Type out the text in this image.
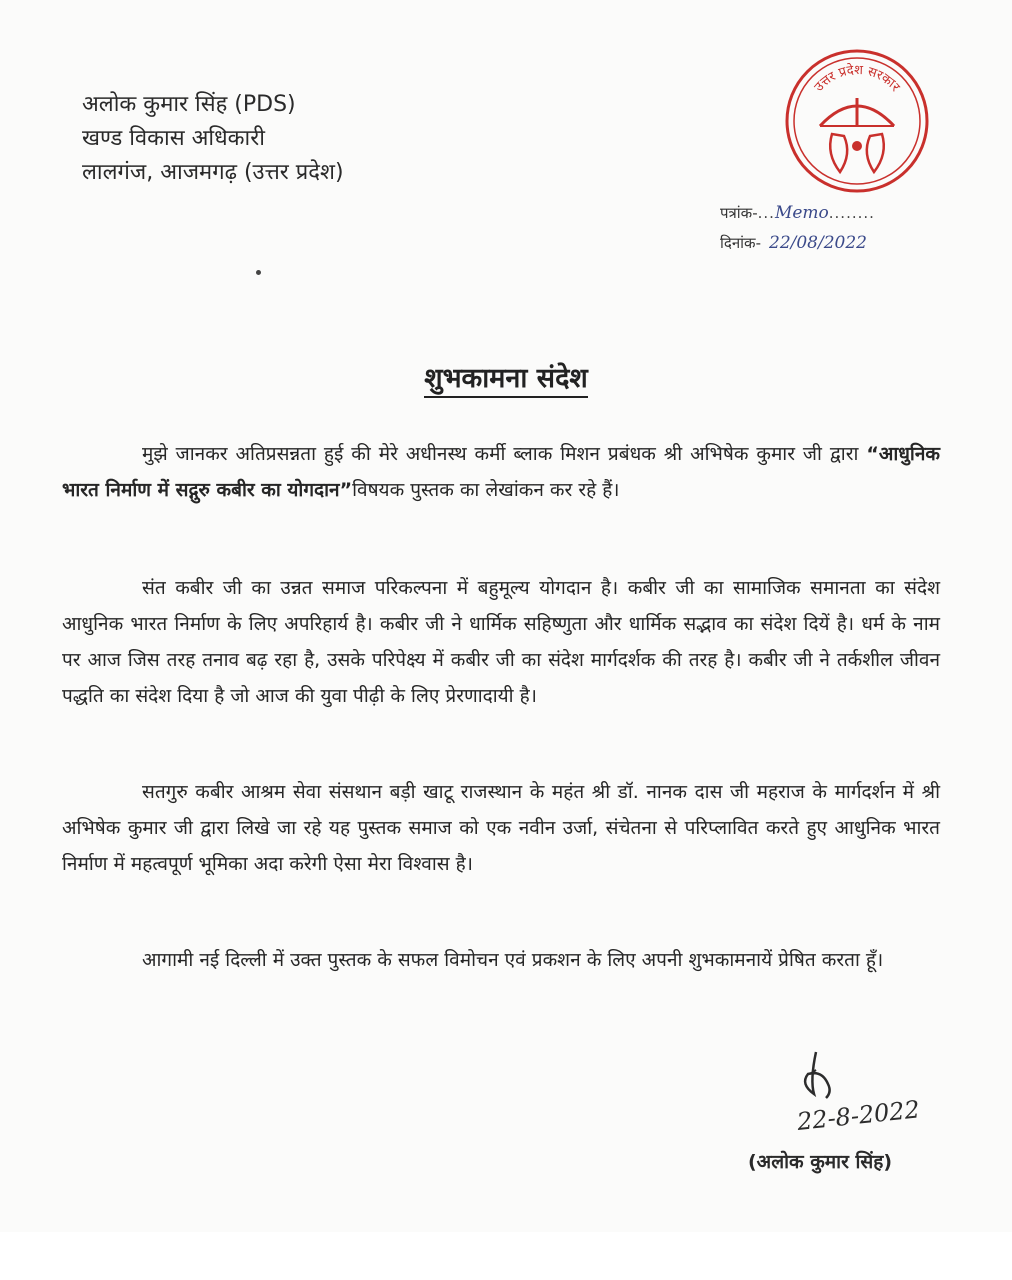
अलोक कुमार सिंह (PDS)
खण्ड विकास अधिकारी
लालगंज, आजमगढ़ (उत्तर प्रदेश)
उत्तर प्रदेश सरकार
पत्रांक-...Memo........
दिनांक- 22/08/2022
शुभकामना संदेश
मुझे जानकर अतिप्रसन्नता हुई की मेरे अधीनस्थ कर्मी ब्लाक मिशन प्रबंधक श्री अभिषेक कुमार जी द्वारा “आधुनिक भारत निर्माण में सद्गुरु कबीर का योगदान”विषयक पुस्तक का लेखांकन कर रहे हैं।
संत कबीर जी का उन्नत समाज परिकल्पना में बहुमूल्य योगदान है। कबीर जी का सामाजिक समानता का संदेश आधुनिक भारत निर्माण के लिए अपरिहार्य है। कबीर जी ने धार्मिक सहिष्णुता और धार्मिक सद्भाव का संदेश दियें है। धर्म के नाम पर आज जिस तरह तनाव बढ़ रहा है, उसके परिपेक्ष्य में कबीर जी का संदेश मार्गदर्शक की तरह है। कबीर जी ने तर्कशील जीवन पद्धति का संदेश दिया है जो आज की युवा पीढ़ी के लिए प्रेरणादायी है।
सतगुरु कबीर आश्रम सेवा संसथान बड़ी खाटू राजस्थान के महंत श्री डॉ. नानक दास जी महराज के मार्गदर्शन में श्री अभिषेक कुमार जी द्वारा लिखे जा रहे यह पुस्तक समाज को एक नवीन उर्जा, संचेतना से परिप्लावित करते हुए आधुनिक भारत निर्माण में महत्वपूर्ण भूमिका अदा करेगी ऐसा मेरा विश्वास है।
आगामी नई दिल्ली में उक्त पुस्तक के सफल विमोचन एवं प्रकशन के लिए अपनी शुभकामनायें प्रेषित करता हूँ।
22-8-2022
(अलोक कुमार सिंह)
